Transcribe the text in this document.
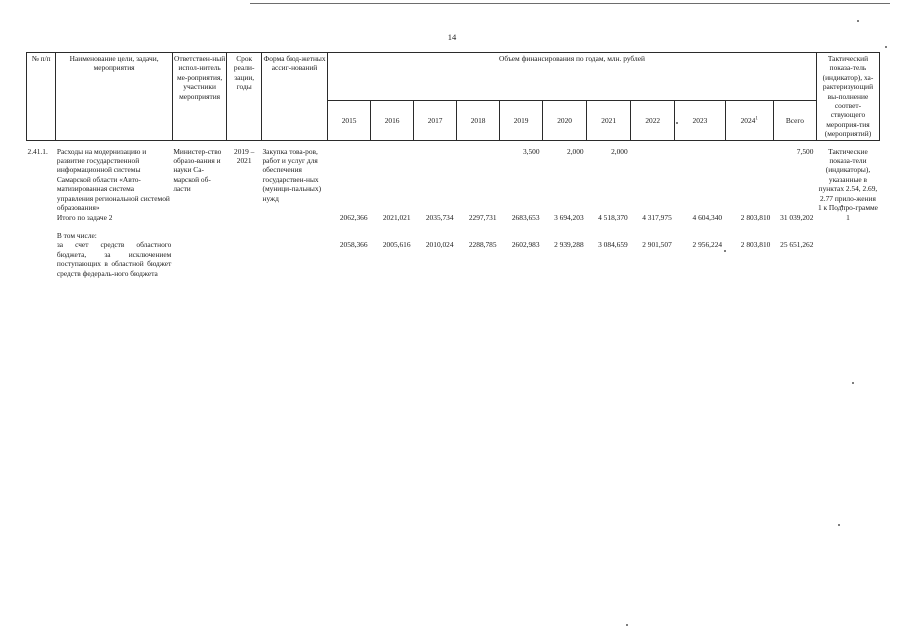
14
№ п/п	Наименование цели, задачи, мероприятия	Ответствен-ный испол-нитель ме-роприятия, участники мероприятия	Срок реали-зации, годы	Форма бюд-жетных ассиг-нований	Объем финансирования по годам, млн. рублей											Тактический показа-тель (индикатор), ха-рактеризующий вы-полнение соответ-ствующего мероприя-тия (мероприятий)
					2015	2016	2017	2018	2019	2020	2021	2022	2023	2024$^1$	Всего	
2.41.1.	Расходы на модернизацию и развитие государственной информационной системы Самарской области «Авто-матизированная система управления региональной системой образования»	Министер-ство образо-вания и науки Са-марской об-ласти	2019 – 2021	Закупка това-ров, работ и услуг для обеспечения государствен-ных (муници-пальных) нужд					3,500	2,000	2,000				7,500	Тактические показа-тели (индикаторы), указанные в пунктах 2.54, 2.69, 2.77 прило-жения 1 к Подпро-грамме 1
	Итого по задаче 2				2062,366	2021,021	2035,734	2297,731	2683,653	3 694,203	4 518,370	4 317,975	4 604,340	2 803,810	31 039,202	
	В том числе:															
	за счет средств областного бюджета, за исключением поступающих в областной бюджет средств федераль-ного бюджета				2058,366	2005,616	2010,024	2288,785	2602,983	2 939,288	3 084,659	2 901,507	2 956,224	2 803,810	25 651,262	
